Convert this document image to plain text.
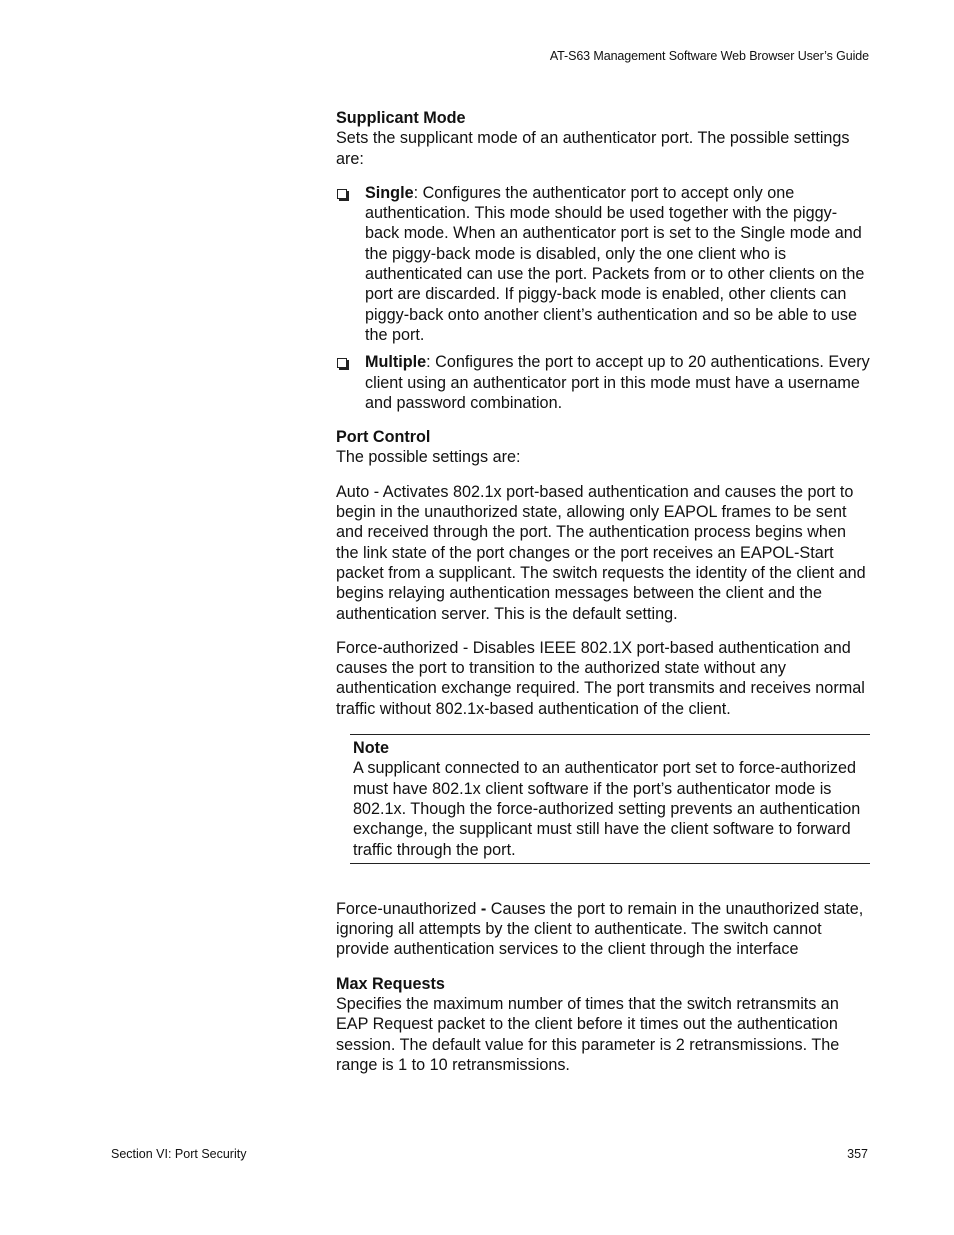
AT-S63 Management Software Web Browser User’s Guide

Supplicant Mode

Sets the supplicant mode of an authenticator port. The possible settings are:

Single: Configures the authenticator port to accept only one authentication. This mode should be used together with the piggy-back mode. When an authenticator port is set to the Single mode and the piggy-back mode is disabled, only the one client who is authenticated can use the port. Packets from or to other clients on the port are discarded. If piggy-back mode is enabled, other clients can piggy-back onto another client’s authentication and so be able to use the port.
Multiple: Configures the port to accept up to 20 authentications. Every client using an authenticator port in this mode must have a username and password combination.

Port Control

The possible settings are:

Auto - Activates 802.1x port-based authentication and causes the port to begin in the unauthorized state, allowing only EAPOL frames to be sent and received through the port. The authentication process begins when the link state of the port changes or the port receives an EAPOL-Start packet from a supplicant. The switch requests the identity of the client and begins relaying authentication messages between the client and the authentication server. This is the default setting.

Force-authorized - Disables IEEE 802.1X port-based authentication and causes the port to transition to the authorized state without any authentication exchange required. The port transmits and receives normal traffic without 802.1x-based authentication of the client.

Note

A supplicant connected to an authenticator port set to force-authorized must have 802.1x client software if the port’s authenticator mode is 802.1x. Though the force-authorized setting prevents an authentication exchange, the supplicant must still have the client software to forward traffic through the port.

Force-unauthorized - Causes the port to remain in the unauthorized state, ignoring all attempts by the client to authenticate. The switch cannot provide authentication services to the client through the interface

Max Requests

Specifies the maximum number of times that the switch retransmits an EAP Request packet to the client before it times out the authentication session. The default value for this parameter is 2 retransmissions. The range is 1 to 10 retransmissions.

Section VI: Port Security	357
